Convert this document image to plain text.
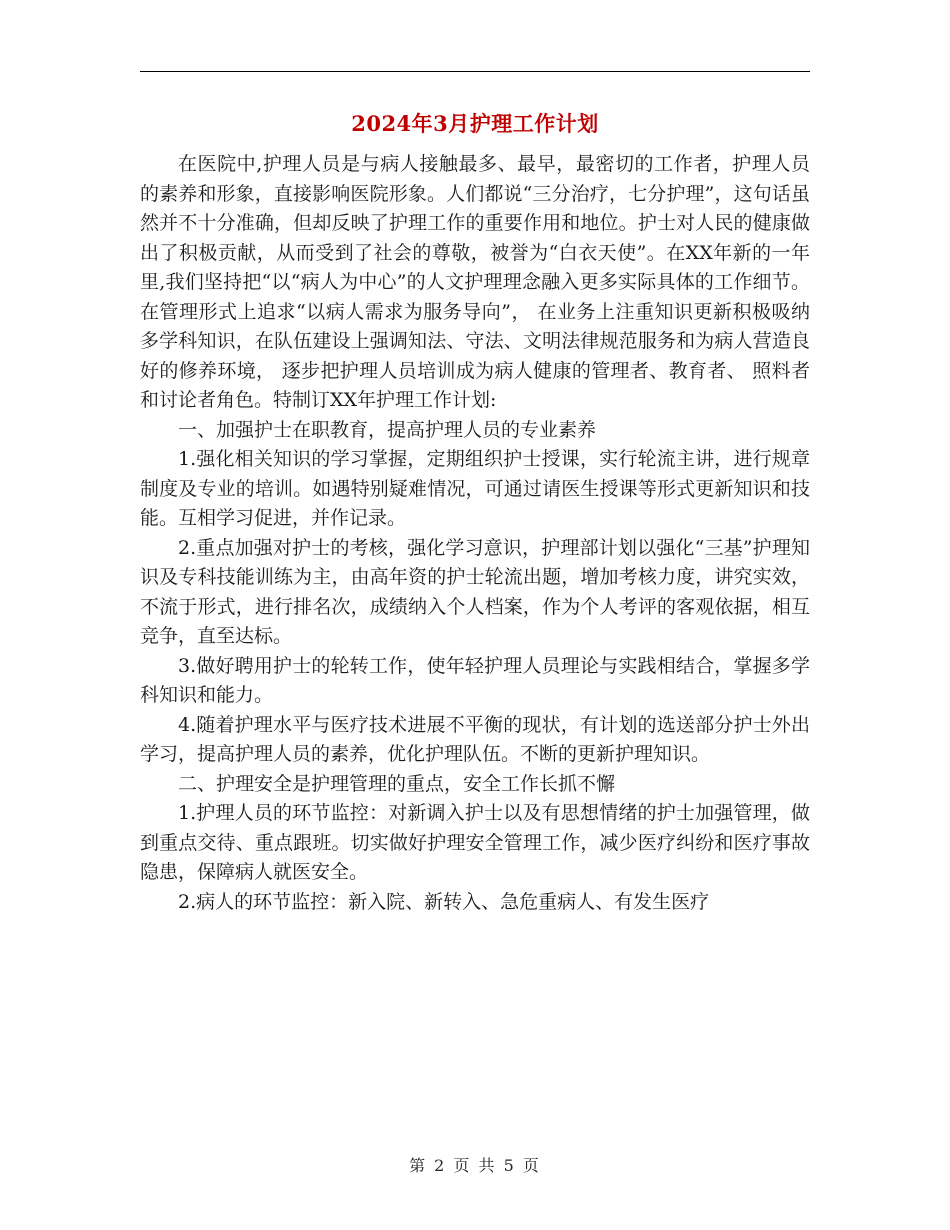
2024年3月护理工作计划

在医院中,护理人员是与病人接触最多、最早，最密切的工作者，护理人员的素养和形象，直接影响医院形象。人们都说“三分治疗，七分护理”，这句话虽然并不十分准确，但却反映了护理工作的重要作用和地位。护士对人民的健康做出了积极贡献，从而受到了社会的尊敬，被誉为“白衣天使”。在XX年新的一年里,我们坚持把“以“病人为中心”的人文护理理念融入更多实际具体的工作细节。在管理形式上追求“以病人需求为服务导向”， 在业务上注重知识更新积极吸纳多学科知识，在队伍建设上强调知法、守法、文明法律规范服务和为病人营造良好的修养环境， 逐步把护理人员培训成为病人健康的管理者、教育者、 照料者和讨论者角色。特制订XX年护理工作计划:

一、加强护士在职教育，提高护理人员的专业素养

1.强化相关知识的学习掌握，定期组织护士授课，实行轮流主讲，进行规章制度及专业的培训。如遇特别疑难情况，可通过请医生授课等形式更新知识和技能。互相学习促进，并作记录。

2.重点加强对护士的考核，强化学习意识，护理部计划以强化“三基”护理知识及专科技能训练为主，由高年资的护士轮流出题，增加考核力度，讲究实效，不流于形式，进行排名次，成绩纳入个人档案，作为个人考评的客观依据，相互竞争，直至达标。

3.做好聘用护士的轮转工作，使年轻护理人员理论与实践相结合，掌握多学科知识和能力。

4.随着护理水平与医疗技术进展不平衡的现状，有计划的选送部分护士外出学习，提高护理人员的素养，优化护理队伍。不断的更新护理知识。

二、护理安全是护理管理的重点，安全工作长抓不懈

1.护理人员的环节监控：对新调入护士以及有思想情绪的护士加强管理，做到重点交待、重点跟班。切实做好护理安全管理工作，减少医疗纠纷和医疗事故隐患，保障病人就医安全。

2.病人的环节监控：新入院、新转入、急危重病人、有发生医疗

第 2 页 共 5 页
